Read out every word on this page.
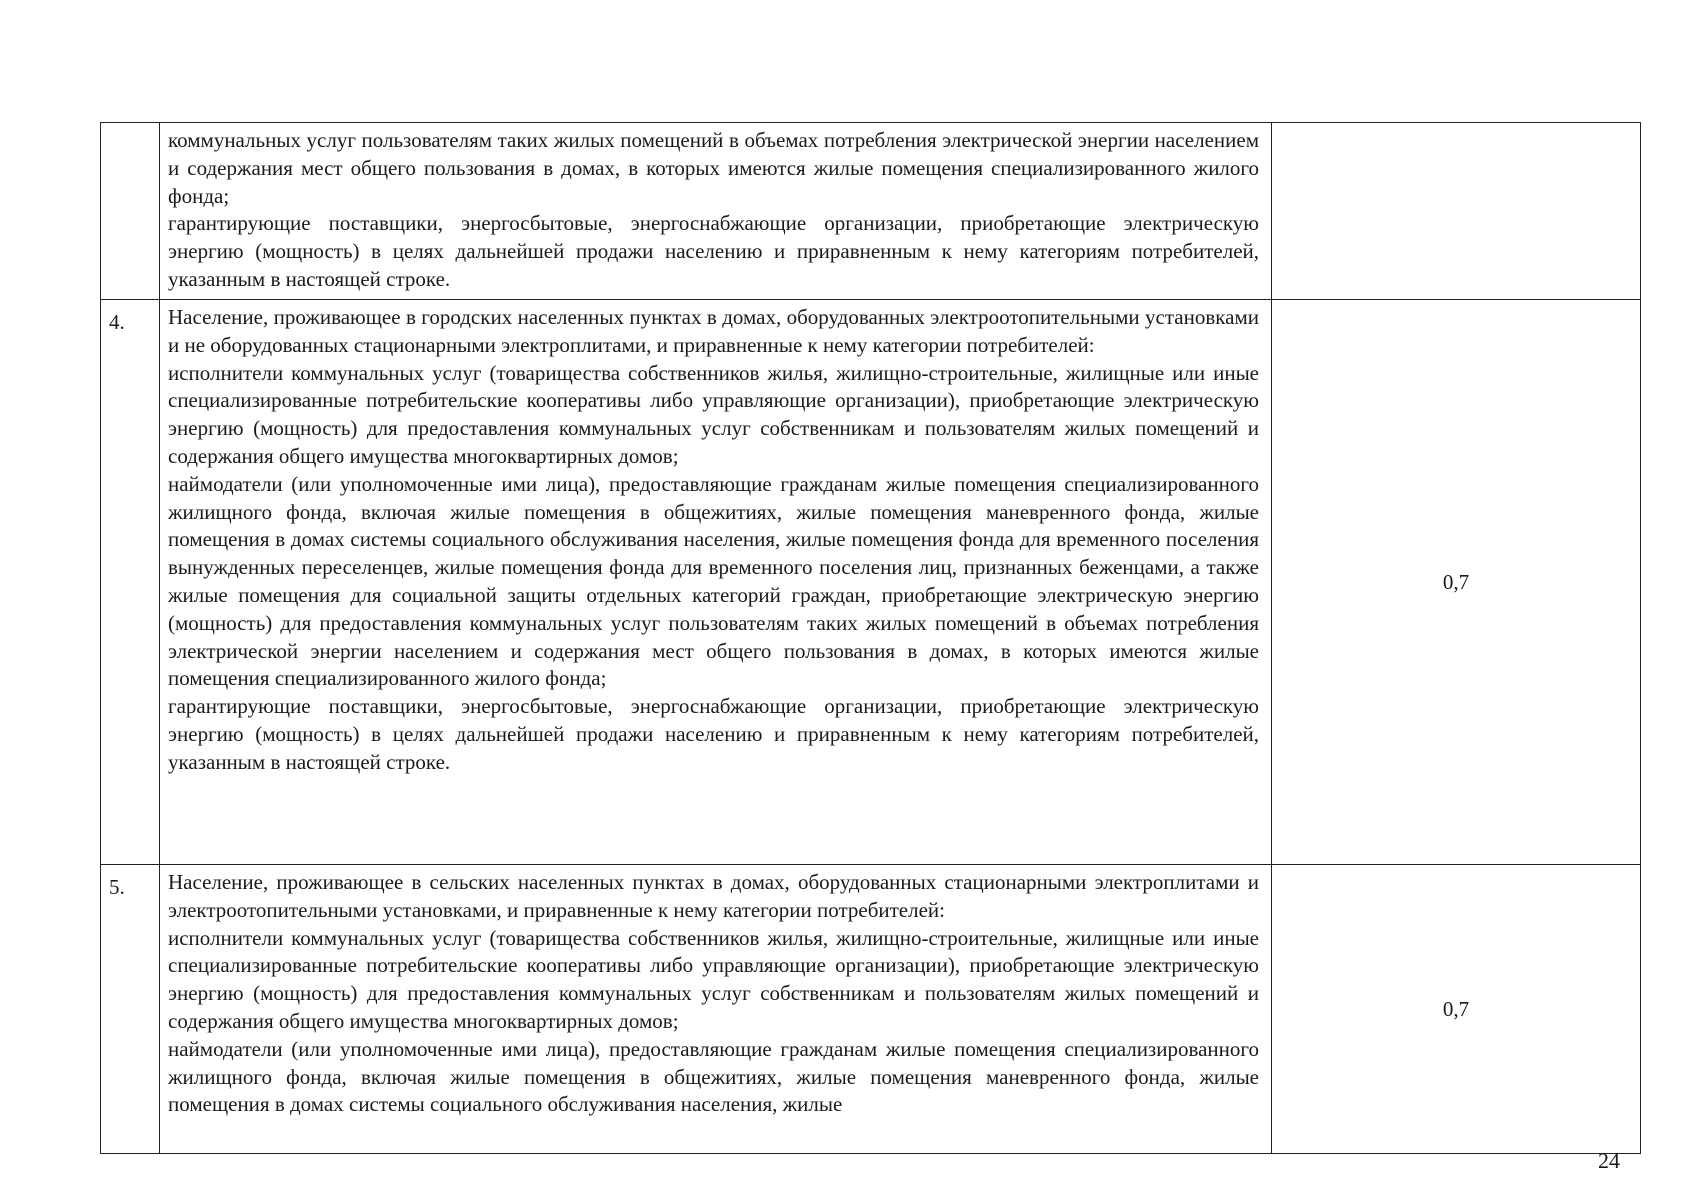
	коммунальных услуг пользователям таких жилых помещений в объемах потребления электрической энергии населением и содержания мест общего пользования в домах, в которых имеются жилые помещения специализированного жилого фонда;

гарантирующие поставщики, энергосбытовые, энергоснабжающие организации, приобретающие электрическую энергию (мощность) в целях дальнейшей продажи населению и приравненным к нему категориям потребителей, указанным в настоящей строке.	

4.	Население, проживающее в городских населенных пунктах в домах, оборудованных электроотопительными установками и не оборудованных стационарными электроплитами, и приравненные к нему категории потребителей:

исполнители коммунальных услуг (товарищества собственников жилья, жилищно-строительные, жилищные или иные специализированные потребительские кооперативы либо управляющие организации), приобретающие электрическую энергию (мощность) для предоставления коммунальных услуг собственникам и пользователям жилых помещений и содержания общего имущества многоквартирных домов;

наймодатели (или уполномоченные ими лица), предоставляющие гражданам жилые помещения специализированного жилищного фонда, включая жилые помещения в общежитиях, жилые помещения маневренного фонда, жилые помещения в домах системы социального обслуживания населения, жилые помещения фонда для временного поселения вынужденных переселенцев, жилые помещения фонда для временного поселения лиц, признанных беженцами, а также жилые помещения для социальной защиты отдельных категорий граждан, приобретающие электрическую энергию (мощность) для предоставления коммунальных услуг пользователям таких жилых помещений в объемах потребления электрической энергии населением и содержания мест общего пользования в домах, в которых имеются жилые помещения специализированного жилого фонда;

гарантирующие поставщики, энергосбытовые, энергоснабжающие организации, приобретающие электрическую энергию (мощность) в целях дальнейшей продажи населению и приравненным к нему категориям потребителей, указанным в настоящей строке.	0,7
5.	Население, проживающее в сельских населенных пунктах в домах, оборудованных стационарными электроплитами и электроотопительными установками, и приравненные к нему категории потребителей:

исполнители коммунальных услуг (товарищества собственников жилья, жилищно-строительные, жилищные или иные специализированные потребительские кооперативы либо управляющие организации), приобретающие электрическую энергию (мощность) для предоставления коммунальных услуг собственникам и пользователям жилых помещений и содержания общего имущества многоквартирных домов;

наймодатели (или уполномоченные ими лица), предоставляющие гражданам жилые помещения специализированного жилищного фонда, включая жилые помещения в общежитиях, жилые помещения маневренного фонда, жилые помещения в домах системы социального обслуживания населения, жилые	0,7
24
